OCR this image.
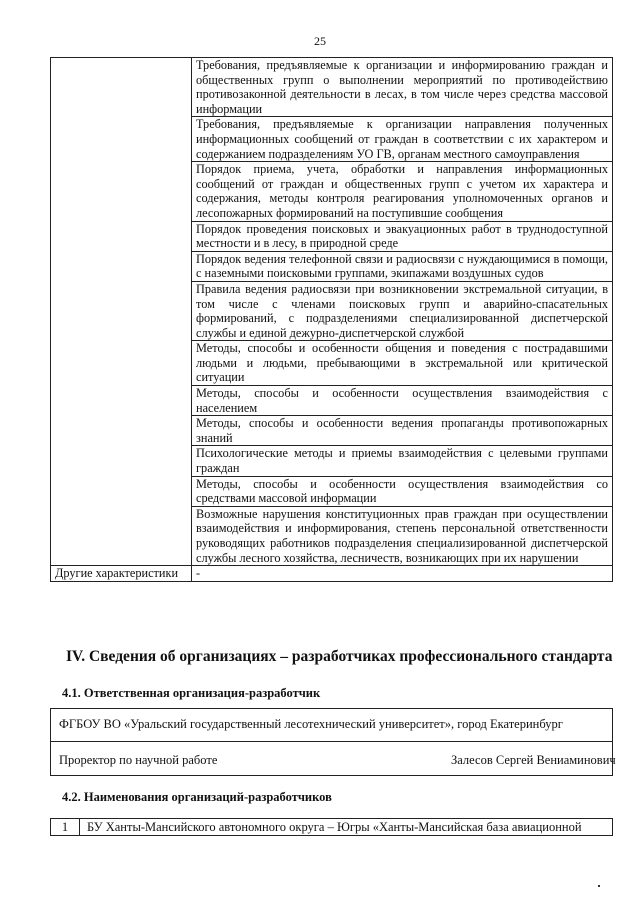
25
	Требования, предъявляемые к организации и информированию граждан и общественных групп о выполнении мероприятий по противодействию противозаконной деятельности в лесах, в том числе через средства массовой информации
	Требования, предъявляемые к организации направления полученных информационных сообщений от граждан в соответствии с их характером и содержанием подразделениям УО ГВ, органам местного самоуправления
	Порядок приема, учета, обработки и направления информационных сообщений от граждан и общественных групп с учетом их характера и содержания, методы контроля реагирования уполномоченных органов и лесопожарных формирований на поступившие сообщения
	Порядок проведения поисковых и эвакуационных работ в труднодоступной местности и в лесу, в природной среде
	Порядок ведения телефонной связи и радиосвязи с нуждающимися в помощи, с наземными поисковыми группами, экипажами воздушных судов
	Правила ведения радиосвязи при возникновении экстремальной ситуации, в том числе с членами поисковых групп и аварийно-спасательных формирований, с подразделениями специализированной диспетчерской службы и единой дежурно-диспетчерской службой
	Методы, способы и особенности общения и поведения с пострадавшими людьми и людьми, пребывающими в экстремальной или критической ситуации
	Методы, способы и особенности осуществления взаимодействия с населением
	Методы, способы и особенности ведения пропаганды противопожарных знаний
	Психологические методы и приемы взаимодействия с целевыми группами граждан
	Методы, способы и особенности осуществления взаимодействия со средствами массовой информации
	Возможные нарушения конституционных прав граждан при осуществлении взаимодействия и информирования, степень персональной ответственности руководящих работников подразделения специализированной диспетчерской службы лесного хозяйства, лесничеств, возникающих при их нарушении
Другие характеристики	-
IV. Сведения об организациях – разработчиках профессионального стандарта
4.1. Ответственная организация-разработчик
ФГБОУ ВО «Уральский государственный лесотехнический университет», город Екатеринбург
Проректор по научной работе	Залесов Сергей Вениаминович
4.2. Наименования организаций-разработчиков
1	БУ Ханты-Мансийского автономного округа – Югры «Ханты-Мансийская база авиационной
